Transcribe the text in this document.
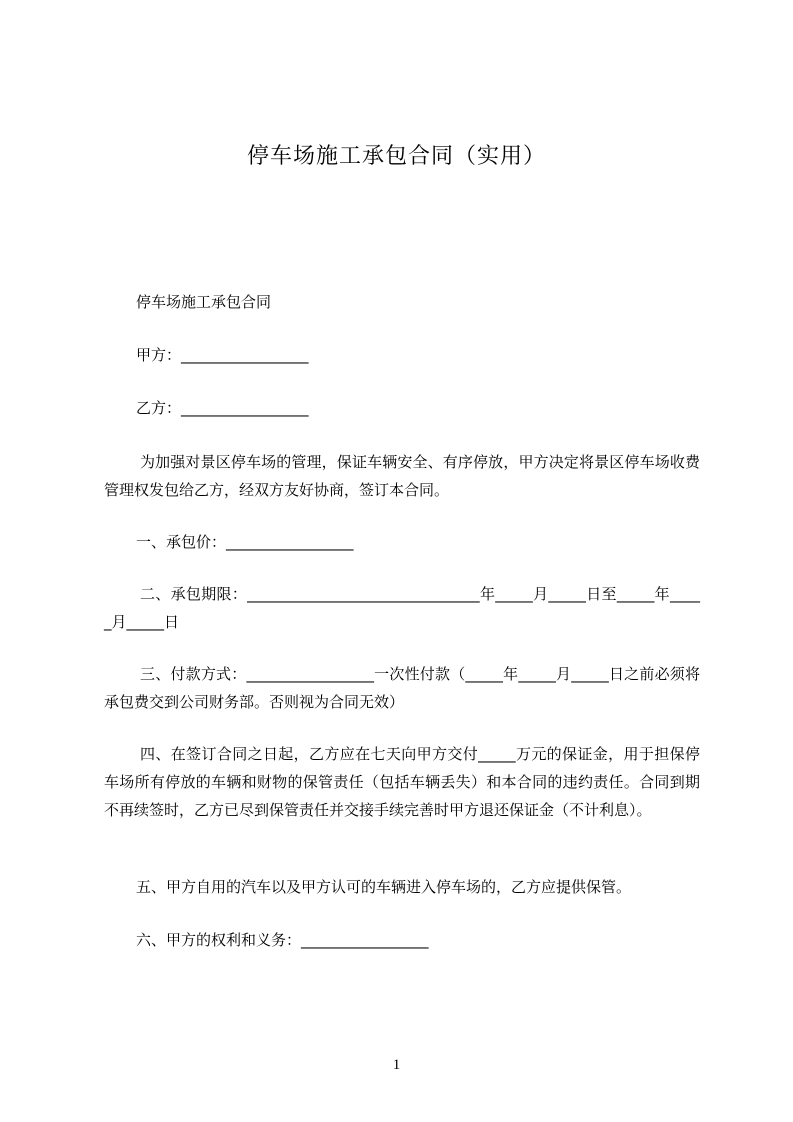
停车场施工承包合同（实用）

停车场施工承包合同

甲方：_________________

乙方：_________________

为加强对景区停车场的管理，保证车辆安全、有序停放，甲方决定将景区停车场收费管理权发包给乙方，经双方友好协商，签订本合同。

一、承包价：_________________

二、承包期限：_______________________________年_____月_____日至_____年_____月_____日

三、付款方式：_________________一次性付款（_____年_____月_____日之前必须将承包费交到公司财务部。否则视为合同无效）

四、在签订合同之日起，乙方应在七天向甲方交付_____万元的保证金，用于担保停车场所有停放的车辆和财物的保管责任（包括车辆丢失）和本合同的违约责任。合同到期不再续签时，乙方已尽到保管责任并交接手续完善时甲方退还保证金（不计利息）。

五、甲方自用的汽车以及甲方认可的车辆进入停车场的，乙方应提供保管。

六、甲方的权利和义务：_________________

1
